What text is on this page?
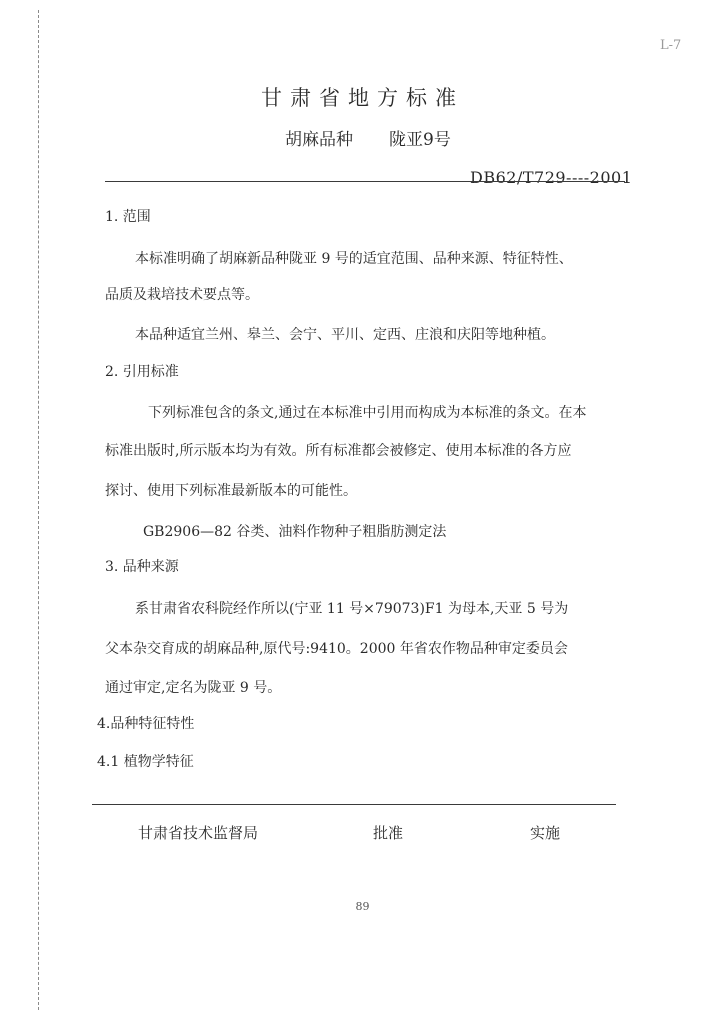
L-7
甘肃省地方标准
胡麻品种 陇亚9号
DB62/T729----2001
1. 范围
本标准明确了胡麻新品种陇亚 9 号的适宜范围、品种来源、特征特性、
品质及栽培技术要点等。
本品种适宜兰州、皋兰、会宁、平川、定西、庄浪和庆阳等地种植。
2. 引用标准
下列标准包含的条文,通过在本标准中引用而构成为本标准的条文。在本
标准出版时,所示版本均为有效。所有标准都会被修定、使用本标准的各方应
探讨、使用下列标准最新版本的可能性。
GB2906—82 谷类、油料作物种子粗脂肪测定法
3. 品种来源
系甘肃省农科院经作所以(宁亚 11 号×79073)F1 为母本,天亚 5 号为
父本杂交育成的胡麻品种,原代号:9410。2000 年省农作物品种审定委员会
通过审定,定名为陇亚 9 号。
4.品种特征特性
4.1 植物学特征
甘肃省技术监督局	批准	实施
89
